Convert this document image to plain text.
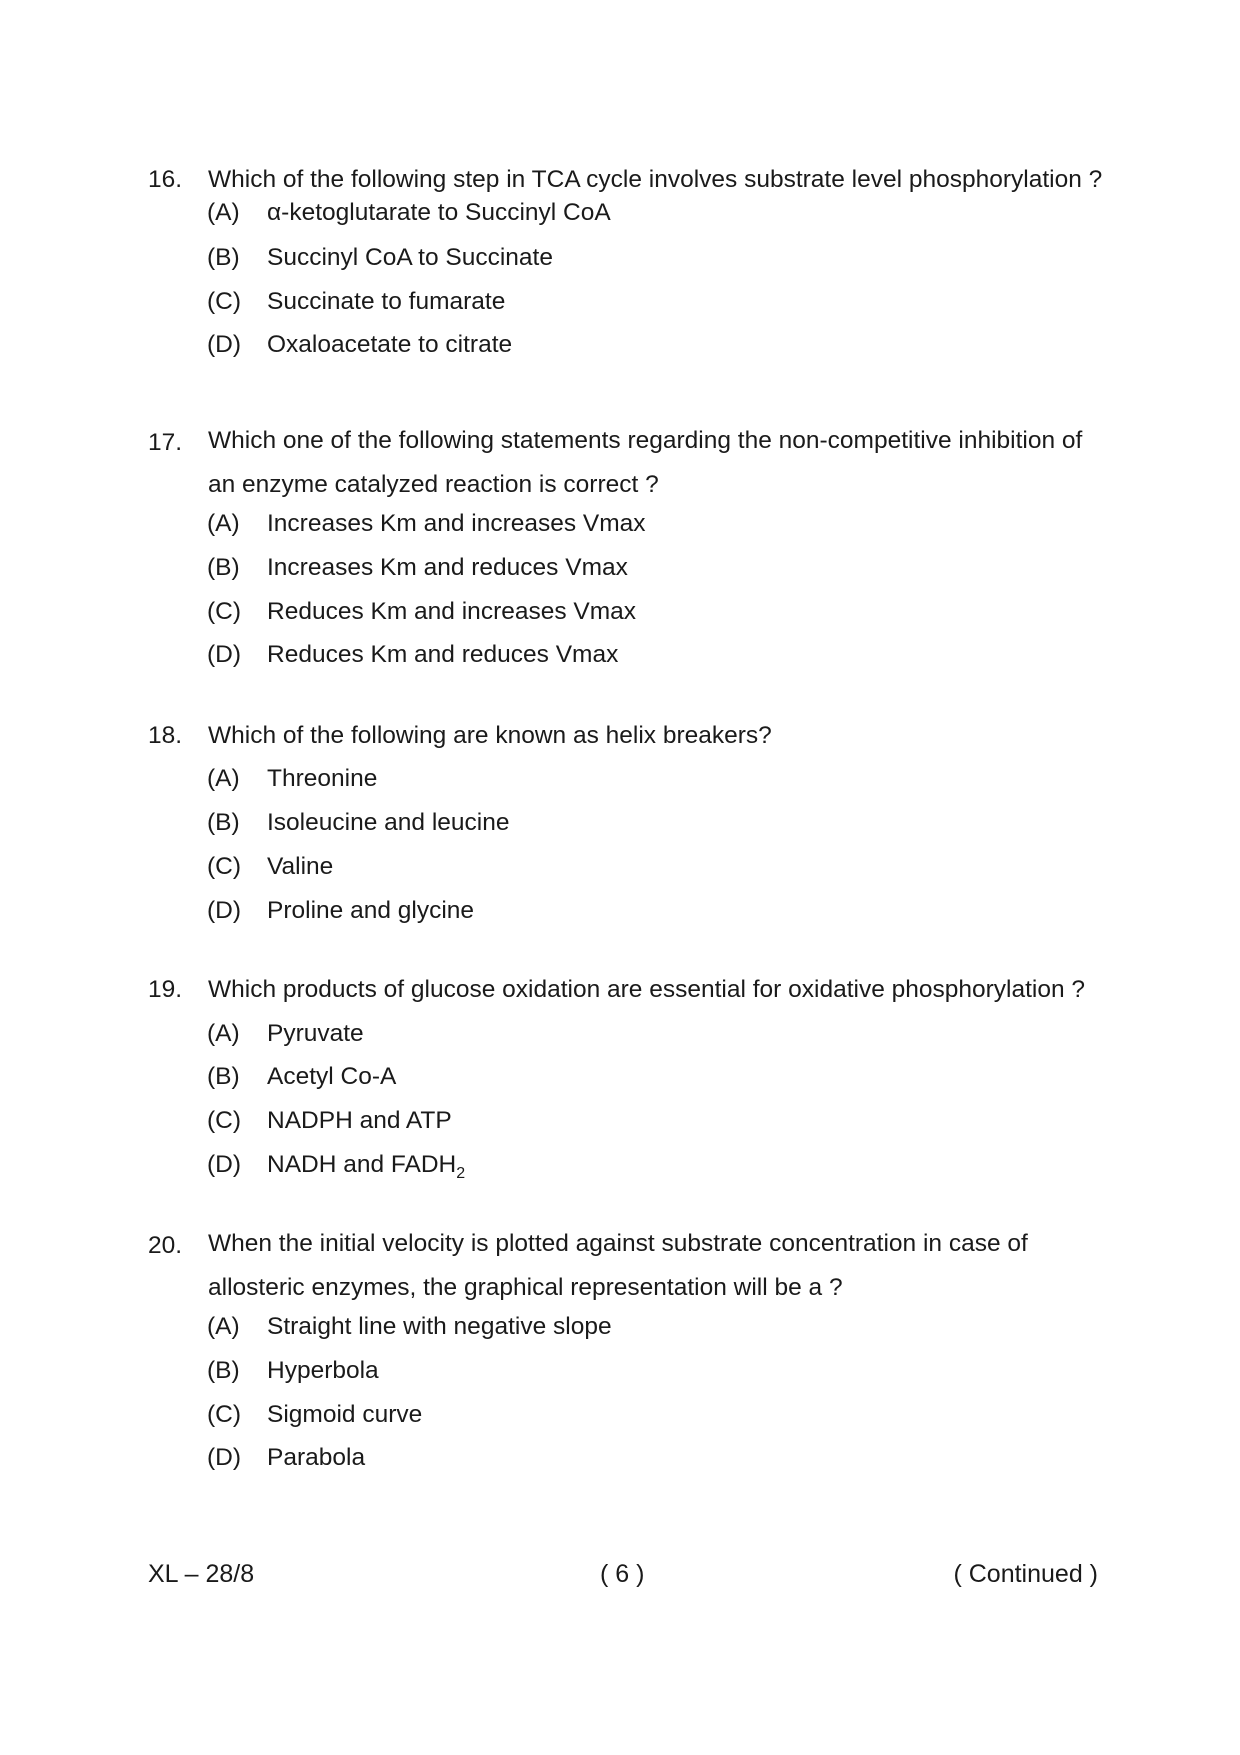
16. Which of the following step in TCA cycle involves substrate level phosphorylation ?
(A) α-ketoglutarate to Succinyl CoA
(B) Succinyl CoA to Succinate
(C) Succinate to fumarate
(D) Oxaloacetate to citrate
17. Which one of the following statements regarding the non-competitive inhibition of an enzyme catalyzed reaction is correct ?
(A) Increases Km and increases Vmax
(B) Increases Km and reduces Vmax
(C) Reduces Km and increases Vmax
(D) Reduces Km and reduces Vmax
18. Which of the following are known as helix breakers?
(A) Threonine
(B) Isoleucine and leucine
(C) Valine
(D) Proline and glycine
19. Which products of glucose oxidation are essential for oxidative phosphorylation ?
(A) Pyruvate
(B) Acetyl Co-A
(C) NADPH and ATP
(D) NADH and $FADH_2$
20. When the initial velocity is plotted against substrate concentration in case of allosteric enzymes, the graphical representation will be a ?
(A) Straight line with negative slope
(B) Hyperbola
(C) Sigmoid curve
(D) Parabola
XL – 28/8	( 6 )	( Continued )
